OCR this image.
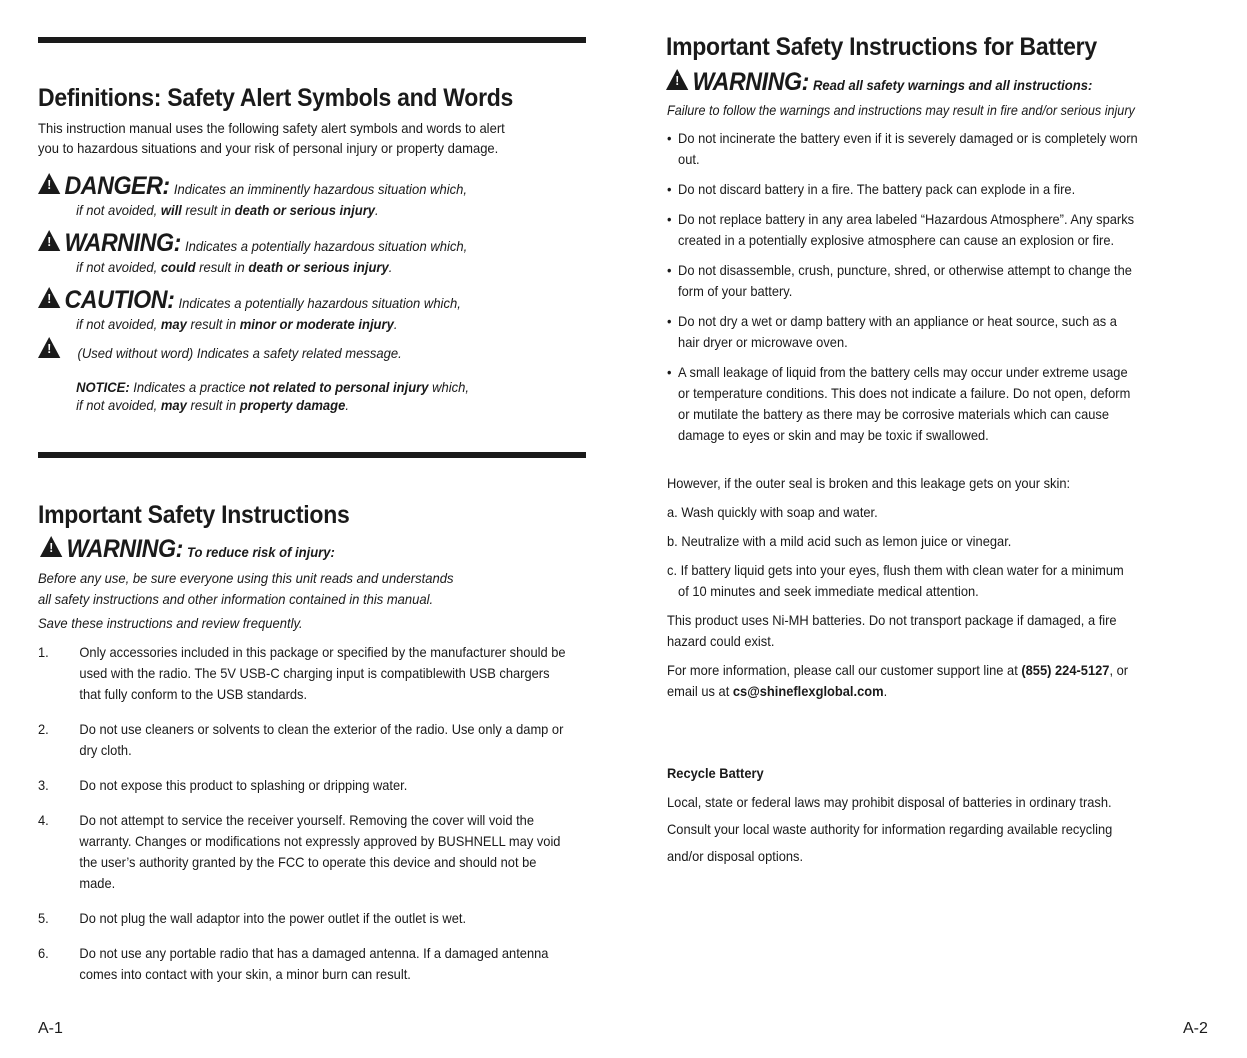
Definitions: Safety Alert Symbols and Words
This instruction manual uses the following safety alert symbols and words to alert
you to hazardous situations and your risk of personal injury or property damage.
! DANGER: Indicates an imminently hazardous situation which,
if not avoided, will result in death or serious injury.
! WARNING: Indicates a potentially hazardous situation which,
if not avoided, could result in death or serious injury.
! CAUTION: Indicates a potentially hazardous situation which,
if not avoided, may result in minor or moderate injury.
! (Used without word) Indicates a safety related message.
NOTICE: Indicates a practice not related to personal injury which,
if not avoided, may result in property damage.
Important Safety Instructions
! WARNING: To reduce risk of injury:
Before any use, be sure everyone using this unit reads and understands
all safety instructions and other information contained in this manual.
Save these instructions and review frequently.
1.	Only accessories included in this package or specified by the manufacturer should be
used with the radio. The 5V USB-C charging input is compatiblewith USB chargers
that fully conform to the USB standards.
2.	Do not use cleaners or solvents to clean the exterior of the radio. Use only a damp or
dry cloth.
3.	Do not expose this product to splashing or dripping water.
4.	Do not attempt to service the receiver yourself. Removing the cover will void the
warranty. Changes or modifications not expressly approved by BUSHNELL may void
the user’s authority granted by the FCC to operate this device and should not be
made.
5.	Do not plug the wall adaptor into the power outlet if the outlet is wet.
6.	Do not use any portable radio that has a damaged antenna. If a damaged antenna
comes into contact with your skin, a minor burn can result.
A-1
Important Safety Instructions for Battery
! WARNING: Read all safety warnings and all instructions:
Failure to follow the warnings and instructions may result in fire and/or serious injury
• Do not incinerate the battery even if it is severely damaged or is completely worn
out.
• Do not discard battery in a fire. The battery pack can explode in a fire.
• Do not replace battery in any area labeled “Hazardous Atmosphere”. Any sparks
created in a potentially explosive atmosphere can cause an explosion or fire.
• Do not disassemble, crush, puncture, shred, or otherwise attempt to change the
form of your battery.
• Do not dry a wet or damp battery with an appliance or heat source, such as a
hair dryer or microwave oven.
• A small leakage of liquid from the battery cells may occur under extreme usage
or temperature conditions. This does not indicate a failure. Do not open, deform
or mutilate the battery as there may be corrosive materials which can cause
damage to eyes or skin and may be toxic if swallowed.
However, if the outer seal is broken and this leakage gets on your skin:
a. Wash quickly with soap and water.
b. Neutralize with a mild acid such as lemon juice or vinegar.
c. If battery liquid gets into your eyes, flush them with clean water for a minimum
of 10 minutes and seek immediate medical attention.
This product uses Ni-MH batteries. Do not transport package if damaged, a fire
hazard could exist.
For more information, please call our customer support line at (855) 224-5127, or
email us at cs@shineflexglobal.com.
Recycle Battery
Local, state or federal laws may prohibit disposal of batteries in ordinary trash.
Consult your local waste authority for information regarding available recycling
and/or disposal options.
A-2
